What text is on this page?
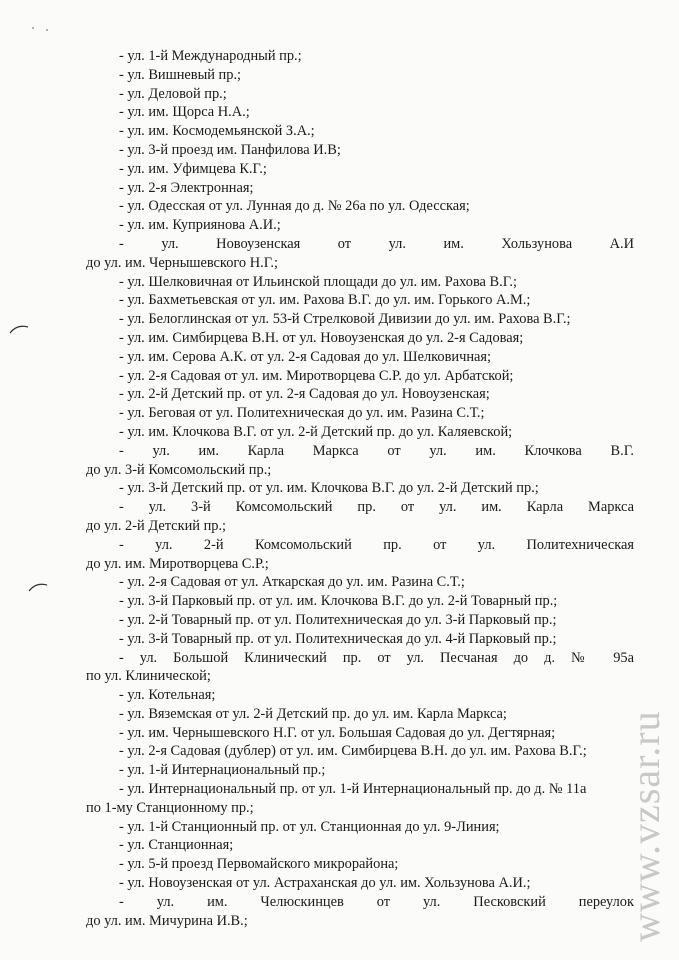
- ул. 1-й Международный пр.;
- ул. Вишневый пр.;
- ул. Деловой пр.;
- ул. им. Щорса Н.А.;
- ул. им. Космодемьянской З.А.;
- ул. 3-й проезд им. Панфилова И.В;
- ул. им. Уфимцева К.Г.;
- ул. 2-я Электронная;
- ул. Одесская от ул. Лунная до д. № 26а по ул. Одесская;
- ул. им. Куприянова А.И.;
- ул. Новоузенская от ул. им. Хользунова А.И
до ул. им. Чернышевского Н.Г.;
- ул. Шелковичная от Ильинской площади до ул. им. Рахова В.Г.;
- ул. Бахметьевская от ул. им. Рахова В.Г. до ул. им. Горького А.М.;
- ул. Белоглинская от ул. 53-й Стрелковой Дивизии до ул. им. Рахова В.Г.;
- ул. им. Симбирцева В.Н. от ул. Новоузенская до ул. 2-я Садовая;
- ул. им. Серова А.К. от ул. 2-я Садовая до ул. Шелковичная;
- ул. 2-я Садовая от ул. им. Миротворцева С.Р. до ул. Арбатской;
- ул. 2-й Детский пр. от ул. 2-я Садовая до ул. Новоузенская;
- ул. Беговая от ул. Политехническая до ул. им. Разина С.Т.;
- ул. им. Клочкова В.Г. от ул. 2-й Детский пр. до ул. Каляевской;
- ул. им. Карла Маркса от ул. им. Клочкова В.Г.
до ул. 3-й Комсомольский пр.;
- ул. 3-й Детский пр. от ул. им. Клочкова В.Г. до ул. 2-й Детский пр.;
- ул. 3-й Комсомольский пр. от ул. им. Карла Маркса
до ул. 2-й Детский пр.;
- ул. 2-й Комсомольский пр. от ул. Политехническая
до ул. им. Миротворцева С.Р.;
- ул. 2-я Садовая от ул. Аткарская до ул. им. Разина С.Т.;
- ул. 3-й Парковый пр. от ул. им. Клочкова В.Г. до ул. 2-й Товарный пр.;
- ул. 2-й Товарный пр. от ул. Политехническая до ул. 3-й Парковый пр.;
- ул. 3-й Товарный пр. от ул. Политехническая до ул. 4-й Парковый пр.;
- ул. Большой Клинический пр. от ул. Песчаная до д. № 95а
по ул. Клинической;
- ул. Котельная;
- ул. Вяземская от ул. 2-й Детский пр. до ул. им. Карла Маркса;
- ул. им. Чернышевского Н.Г. от ул. Большая Садовая до ул. Дегтярная;
- ул. 2-я Садовая (дублер) от ул. им. Симбирцева В.Н. до ул. им. Рахова В.Г.;
- ул. 1-й Интернациональный пр.;
- ул. Интернациональный пр. от ул. 1-й Интернациональный пр. до д. № 11а
по 1-му Станционному пр.;
- ул. 1-й Станционный пр. от ул. Станционная до ул. 9-Линия;
- ул. Станционная;
- ул. 5-й проезд Первомайского микрорайона;
- ул. Новоузенская от ул. Астраханская до ул. им. Хользунова А.И.;
- ул. им. Челюскинцев от ул. Песковский переулок
до ул. им. Мичурина И.В.;	www.vzsar.ru
